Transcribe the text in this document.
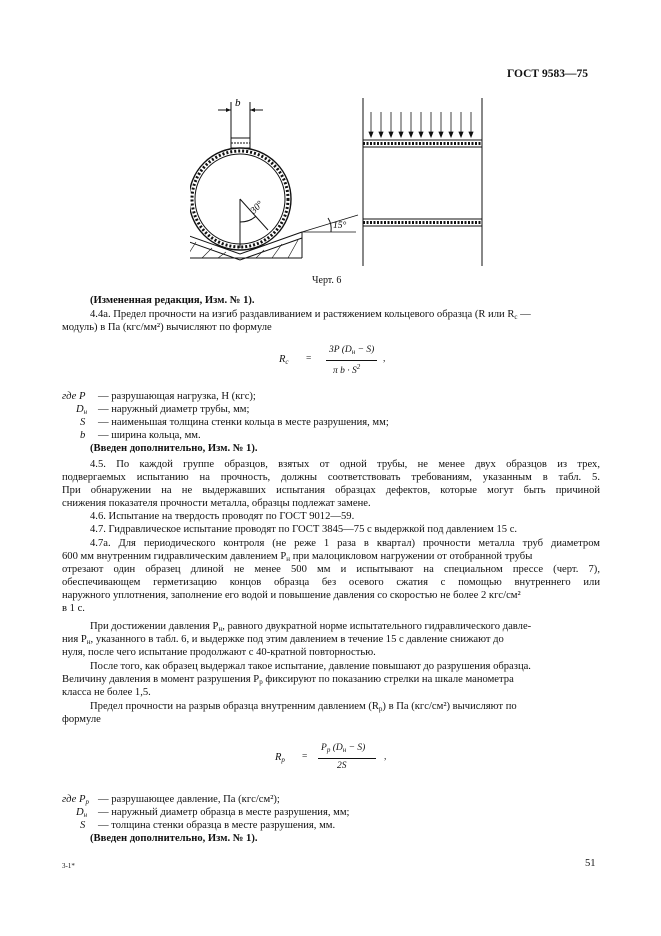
ГОСТ 9583—75
b
30°
15°
Черт. 6
(Измененная редакция, Изм. № 1).
4.4а. Предел прочности на изгиб раздавливанием и растяжением кольцевого образца (R или $R_с$ —
модуль) в Па (кгс/мм²) вычисляют по формуле
$R_с$ =
3P $(D_н - S)$
π $b \cdot S^2$
,
где P — разрушающая нагрузка, Н (кгс);
$D_н$ — наружный диаметр трубы, мм;
S — наименьшая толщина стенки кольца в месте разрушения, мм;
b — ширина кольца, мм.
(Введен дополнительно, Изм. № 1).
4.5. По каждой группе образцов, взятых от одной трубы, не менее двух образцов из трех,
подвергаемых испытанию на прочность, должны соответствовать требованиям, указанным в табл. 5.
При обнаружении на не выдержавших испытания образцах дефектов, которые могут быть причиной
снижения показателя прочности металла, образцы подлежат замене.
4.6. Испытание на твердость проводят по ГОСТ 9012—59.
4.7. Гидравлическое испытание проводят по ГОСТ 3845—75 с выдержкой под давлением 15 с.
4.7а. Для периодического контроля (не реже 1 раза в квартал) прочности металла труб диаметром
600 мм внутренним гидравлическим давлением $P_н$ при малоцикловом нагружении от отобранной трубы
отрезают один образец длиной не менее 500 мм и испытывают на специальном прессе (черт. 7),
обеспечивающем герметизацию концов образца без осевого сжатия с помощью внутреннего или
наружного уплотнения, заполнение его водой и повышение давления со скоростью не более 2 кгс/см²
в 1 с.
При достижении давления $P_н$, равного двукратной норме испытательного гидравлического давле-
ния $P_н$, указанного в табл. 6, и выдержке под этим давлением в течение 15 с давление снижают до
нуля, после чего испытание продолжают с 40-кратной повторностью.
После того, как образец выдержал такое испытание, давление повышают до разрушения образца.
Величину давления в момент разрушения $P_р$ фиксируют по показанию стрелки на шкале манометра
класса не более 1,5.
Предел прочности на разрыв образца внутренним давлением $(R_р)$ в Па (кгс/см²) вычисляют по
формуле
$R_р$ =
$P_р$ $(D_н - S)$
2S
,
где $P_р$ — разрушающее давление, Па (кгс/см²);
$D_н$ — наружный диаметр образца в месте разрушения, мм;
S — толщина стенки образца в месте разрушения, мм.
(Введен дополнительно, Изм. № 1).
3-1*	51
